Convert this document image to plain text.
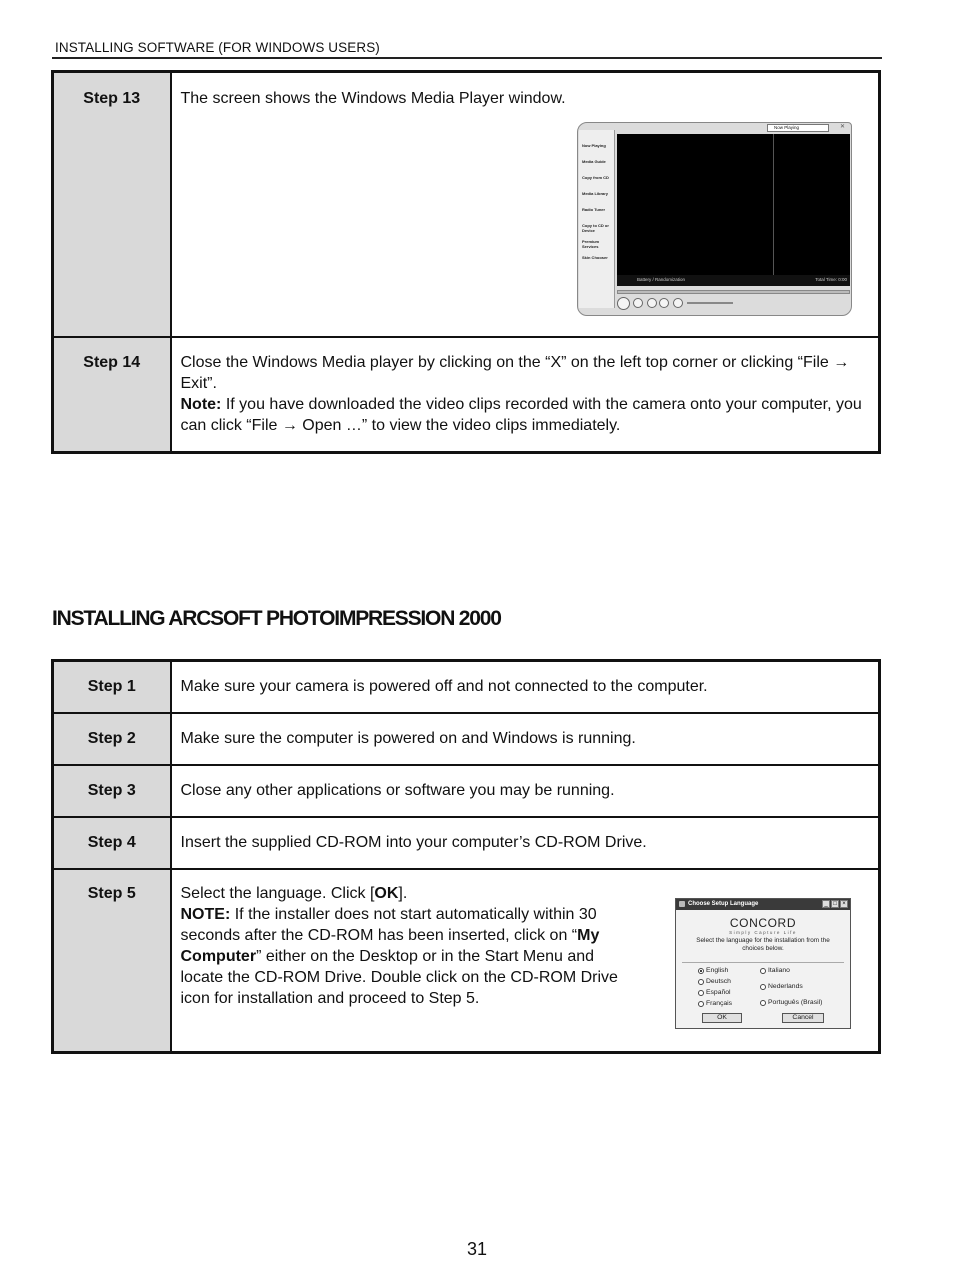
INSTALLING SOFTWARE (FOR WINDOWS USERS)
Step 13	The screen shows the Windows Media Player window.
Step 14	Close the Windows Media player by clicking on the “X” on the left top corner or clicking “File → Exit”.
Note: If you have downloaded the video clips recorded with the camera onto your computer, you can click “File → Open …” to view the video clips immediately.
Now Playing
Media Guide
Copy from CD
Media Library
Radio Tuner
Copy to CD or Device
Premium Services
Skin Chooser
Now Playing	✕
Battery / Randomization	Total Time: 0:00
INSTALLING ARCSOFT PHOTOIMPRESSION 2000
Step 1	Make sure your camera is powered off and not connected to the computer.
Step 2	Make sure the computer is powered on and Windows is running.
Step 3	Close any other applications or software you may be running.
Step 4	Insert the supplied CD-ROM into your computer’s CD-ROM Drive.
Step 5	Select the language. Click [OK].
NOTE: If the installer does not start automatically within 30 seconds after the CD-ROM has been inserted, click on “My Computer” either on the Desktop or in the Start Menu and locate the CD-ROM Drive. Double click on the CD-ROM Drive icon for installation and proceed to Step 5.
Choose Setup Language	_ □ ×
CONCORD
Simply Capture Life
Select the language for the installation from the choices below.
English
Deutsch
Español
Français
Italiano
Nederlands
Português (Brasil)
OK	Cancel
31
